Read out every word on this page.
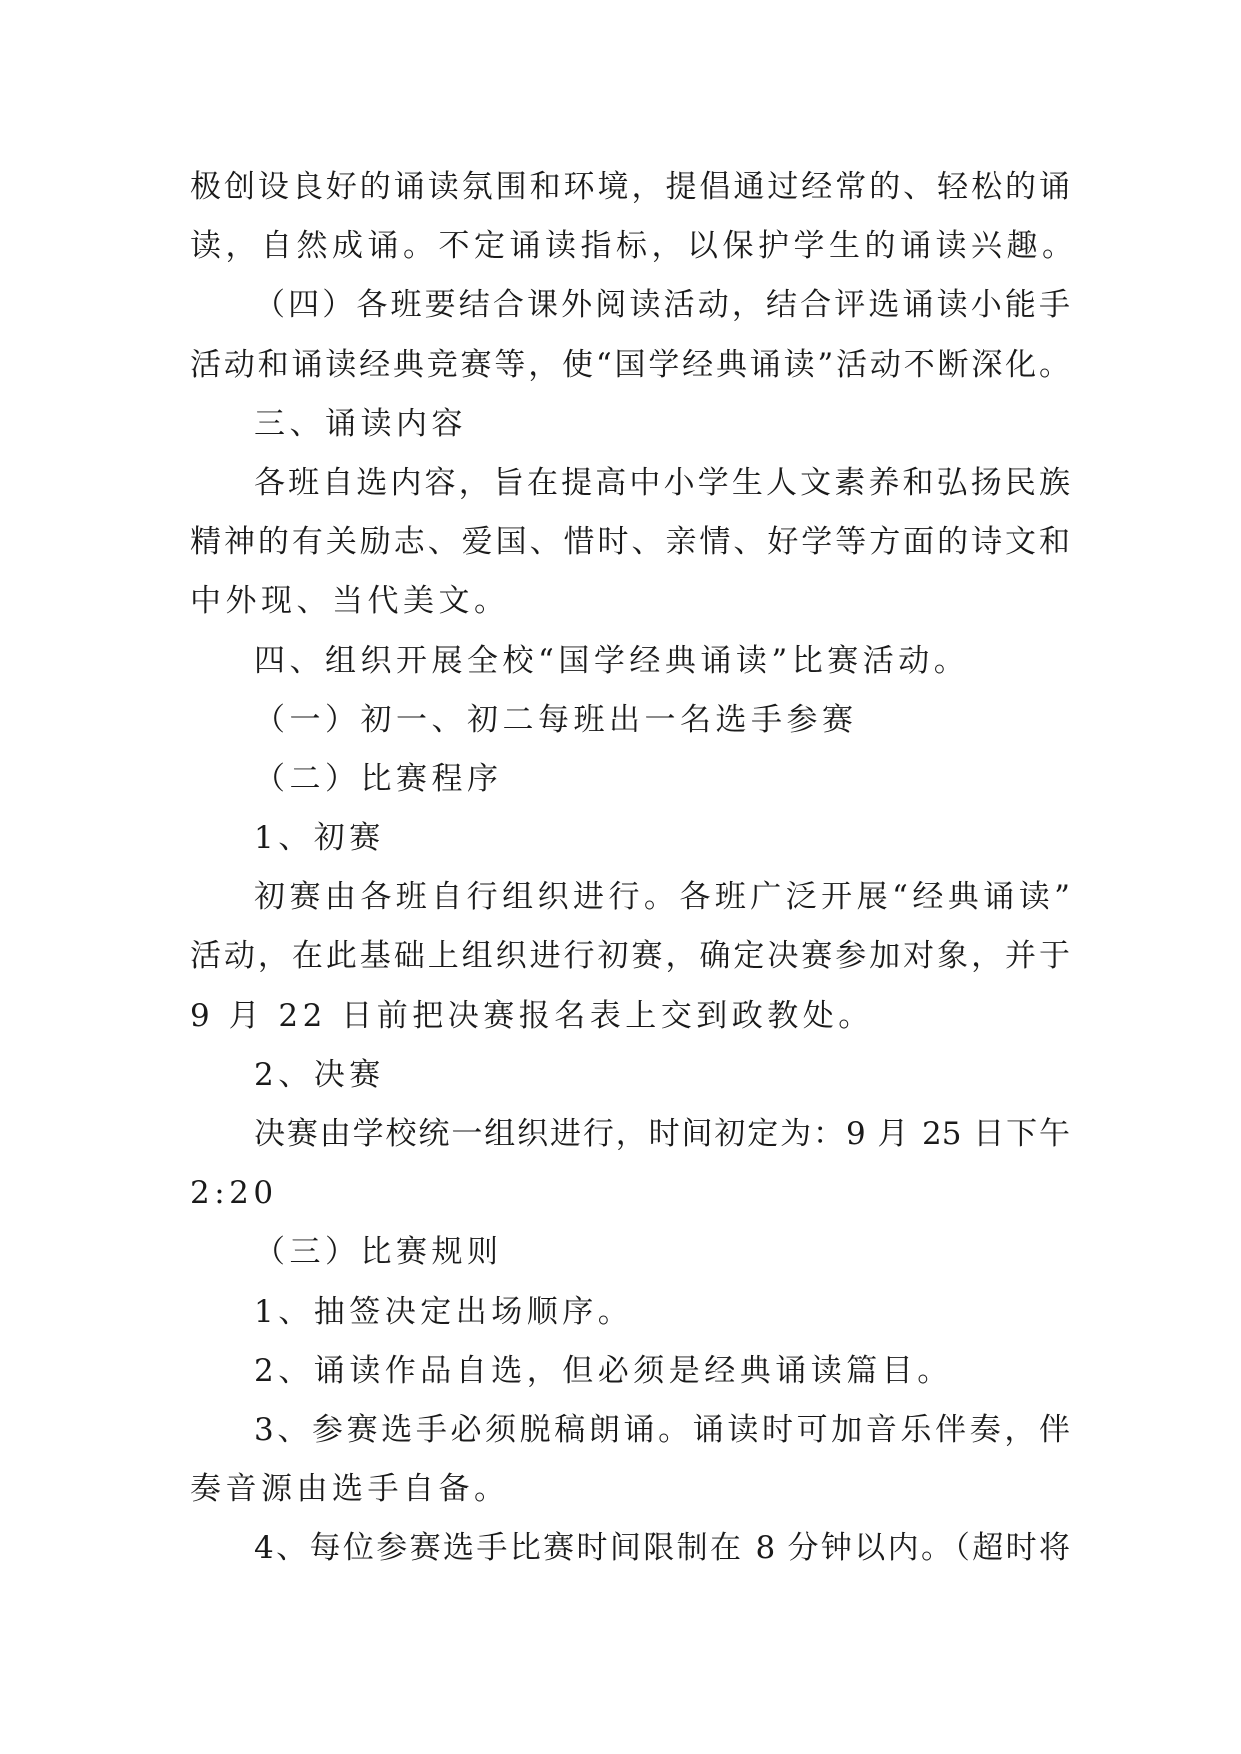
极创设良好的诵读氛围和环境，提倡通过经常的、轻松的诵
读，自然成诵。不定诵读指标，以保护学生的诵读兴趣。
（四）各班要结合课外阅读活动，结合评选诵读小能手
活动和诵读经典竞赛等，使“国学经典诵读”活动不断深化。
三、诵读内容
各班自选内容，旨在提高中小学生人文素养和弘扬民族
精神的有关励志、爱国、惜时、亲情、好学等方面的诗文和
中外现、当代美文。
四、组织开展全校“国学经典诵读”比赛活动。
（一）初一、初二每班出一名选手参赛
（二）比赛程序
1、初赛
初赛由各班自行组织进行。各班广泛开展“经典诵读”
活动，在此基础上组织进行初赛，确定决赛参加对象，并于
9 月 22 日前把决赛报名表上交到政教处。
2、决赛
决赛由学校统一组织进行，时间初定为：9 月 25 日下午
2:20
（三）比赛规则
1、抽签决定出场顺序。
2、诵读作品自选，但必须是经典诵读篇目。
3、参赛选手必须脱稿朗诵。诵读时可加音乐伴奏，伴
奏音源由选手自备。
4、每位参赛选手比赛时间限制在 8 分钟以内。（超时将
